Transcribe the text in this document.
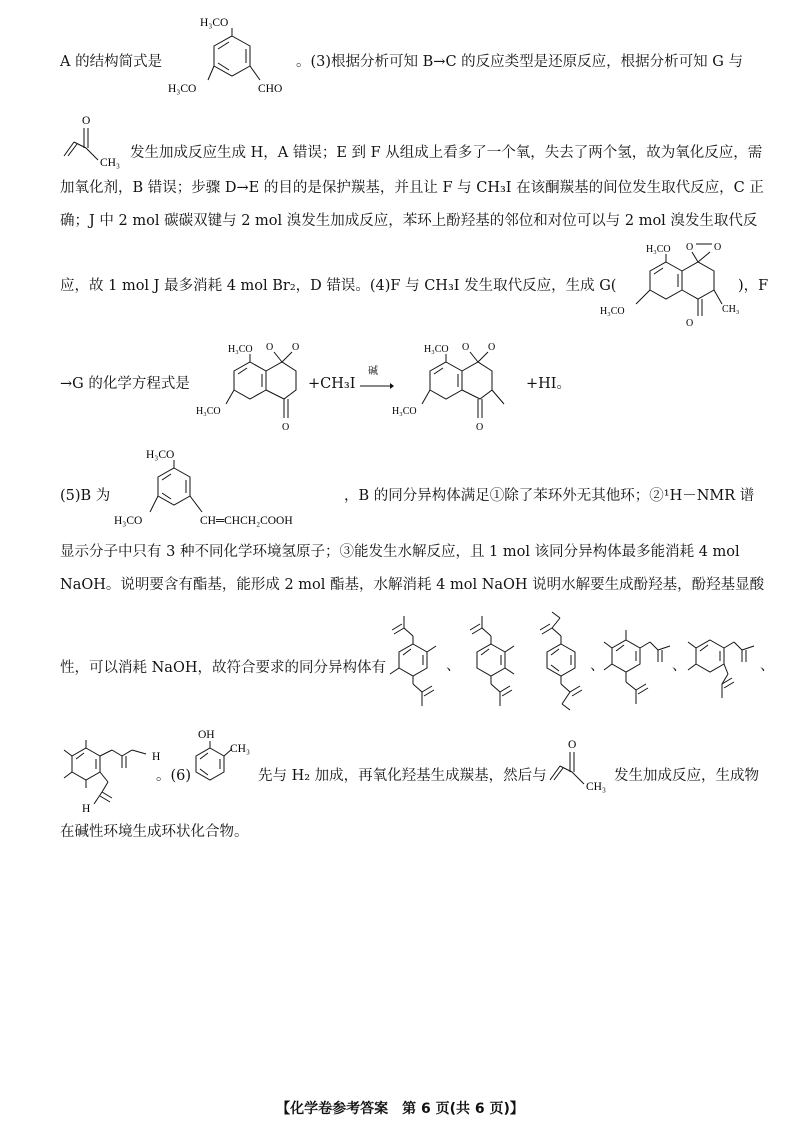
A 的结构简式是
H₃CO
H₃CO	CHO
。(3)根据分析可知 B→C 的反应类型是还原反应，根据分析可知 G 与
O
CH₃
发生加成反应生成 H，A 错误；E 到 F 从组成上看多了一个氧，失去了两个氢，故为氧化反应，需
加氧化剂，B 错误；步骤 D→E 的目的是保护羰基，并且让 F 与 CH₃I 在该酮羰基的间位发生取代反应，C 正
确；J 中 2 mol 碳碳双键与 2 mol 溴发生加成反应，苯环上酚羟基的邻位和对位可以与 2 mol 溴发生取代反
应，故 1 mol J 最多消耗 4 mol Br₂，D 错误。(4)F 与 CH₃I 发生取代反应，生成 G(
H₃CO
H₃CO
O O
O
CH₃
)，F
→G 的化学方程式是
H₃CO
H₃CO
O O
O
+CH₃I
碱
H₃CO
H₃CO
O O
O
+HI。
(5)B 为
H₃CO
H₃CO	CH═CHCH₂COOH
，B 的同分异构体满足①除了苯环外无其他环；②¹H－NMR 谱
显示分子中只有 3 种不同化学环境氢原子；③能发生水解反应，且 1 mol 该同分异构体最多能消耗 4 mol
NaOH。说明要含有酯基，能形成 2 mol 酯基，水解消耗 4 mol NaOH 说明水解要生成酚羟基，酚羟基显酸
性，可以消耗 NaOH，故符合要求的同分异构体有	、	、	、	、
H
H
。(6)
OH
CH₃
先与 H₂ 加成，再氧化羟基生成羰基，然后与
O
CH₃
发生加成反应，生成物
在碱性环境生成环状化合物。
【化学卷参考答案　第 6 页(共 6 页)】
